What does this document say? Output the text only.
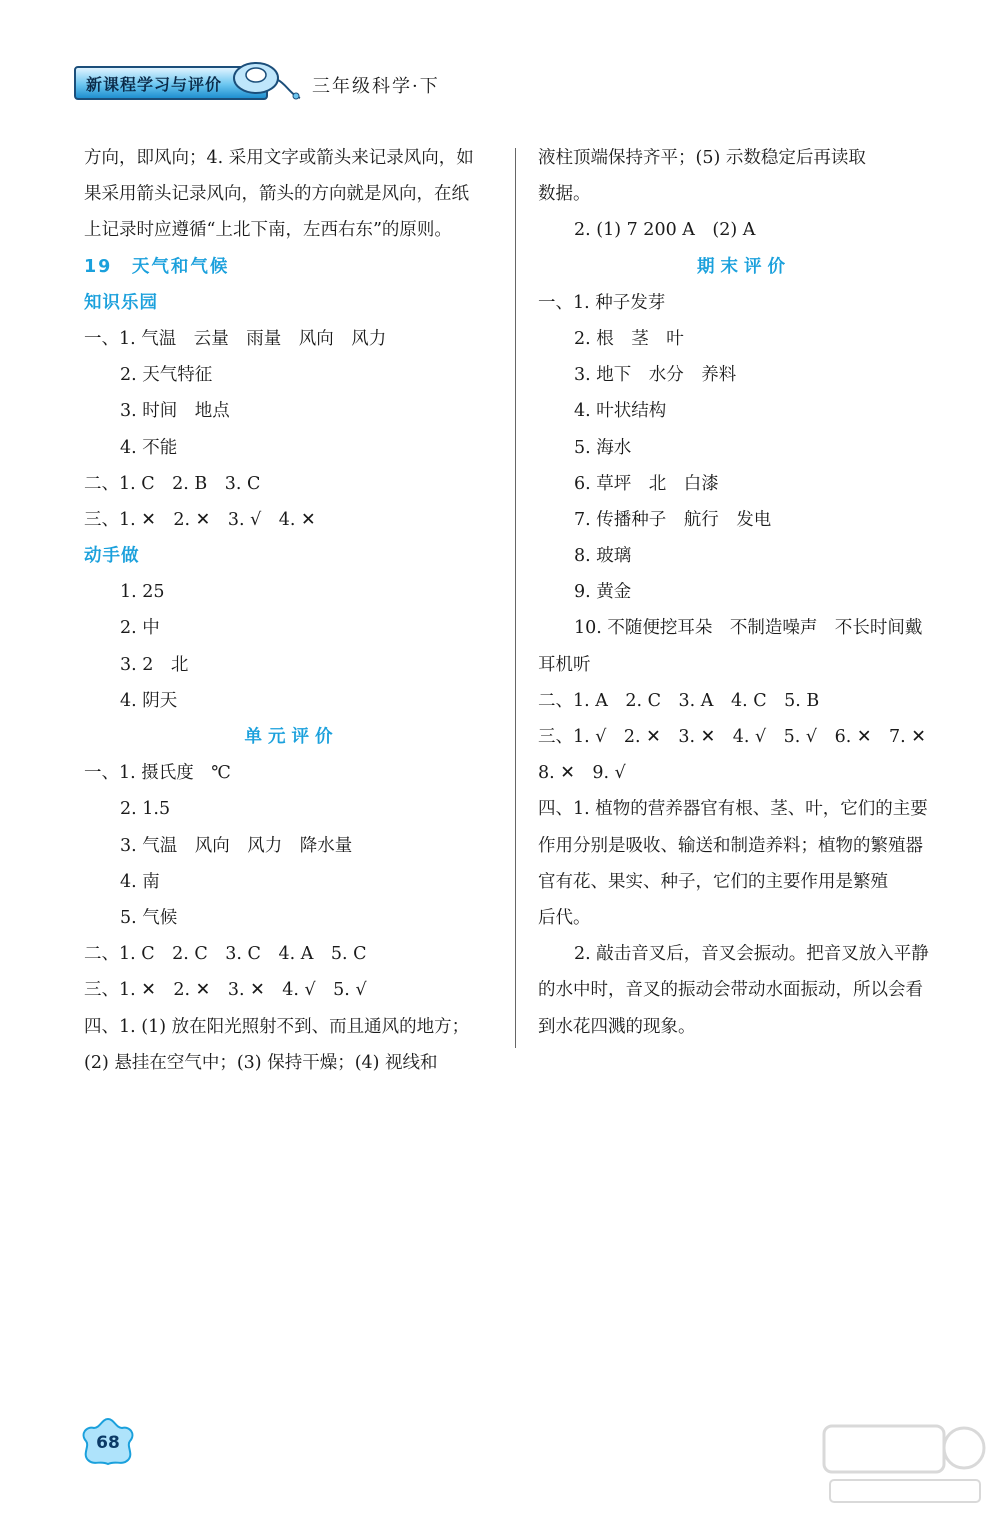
新课程学习与评价	三年级科学·下
方向，即风向；4. 采用文字或箭头来记录风向，如
果采用箭头记录风向，箭头的方向就是风向，在纸
上记录时应遵循“上北下南，左西右东”的原则。
19　天气和气候
知识乐园
一、1. 气温　云量　雨量　风向　风力
2. 天气特征
3. 时间　地点
4. 不能
二、1. C　2. B　3. C
三、1. ✕　2. ✕　3. √　4. ✕
动手做
1. 25
2. 中
3. 2　北
4. 阴天
单元评价
一、1. 摄氏度　℃
2. 1.5
3. 气温　风向　风力　降水量
4. 南
5. 气候
二、1. C　2. C　3. C　4. A　5. C
三、1. ✕　2. ✕　3. ✕　4. √　5. √
四、1. (1) 放在阳光照射不到、而且通风的地方；
(2) 悬挂在空气中；(3) 保持干燥；(4) 视线和
液柱顶端保持齐平；(5) 示数稳定后再读取
数据。
2. (1) 7 200 A　(2) A
期末评价
一、1. 种子发芽
2. 根　茎　叶
3. 地下　水分　养料
4. 叶状结构
5. 海水
6. 草坪　北　白漆
7. 传播种子　航行　发电
8. 玻璃
9. 黄金
10. 不随便挖耳朵　不制造噪声　不长时间戴
耳机听
二、1. A　2. C　3. A　4. C　5. B
三、1. √　2. ✕　3. ✕　4. √　5. √　6. ✕　7. ✕
8. ✕　9. √
四、1. 植物的营养器官有根、茎、叶，它们的主要
作用分别是吸收、输送和制造养料；植物的繁殖器
官有花、果实、种子，它们的主要作用是繁殖
后代。
2. 敲击音叉后，音叉会振动。把音叉放入平静
的水中时，音叉的振动会带动水面振动，所以会看
到水花四溅的现象。
68
